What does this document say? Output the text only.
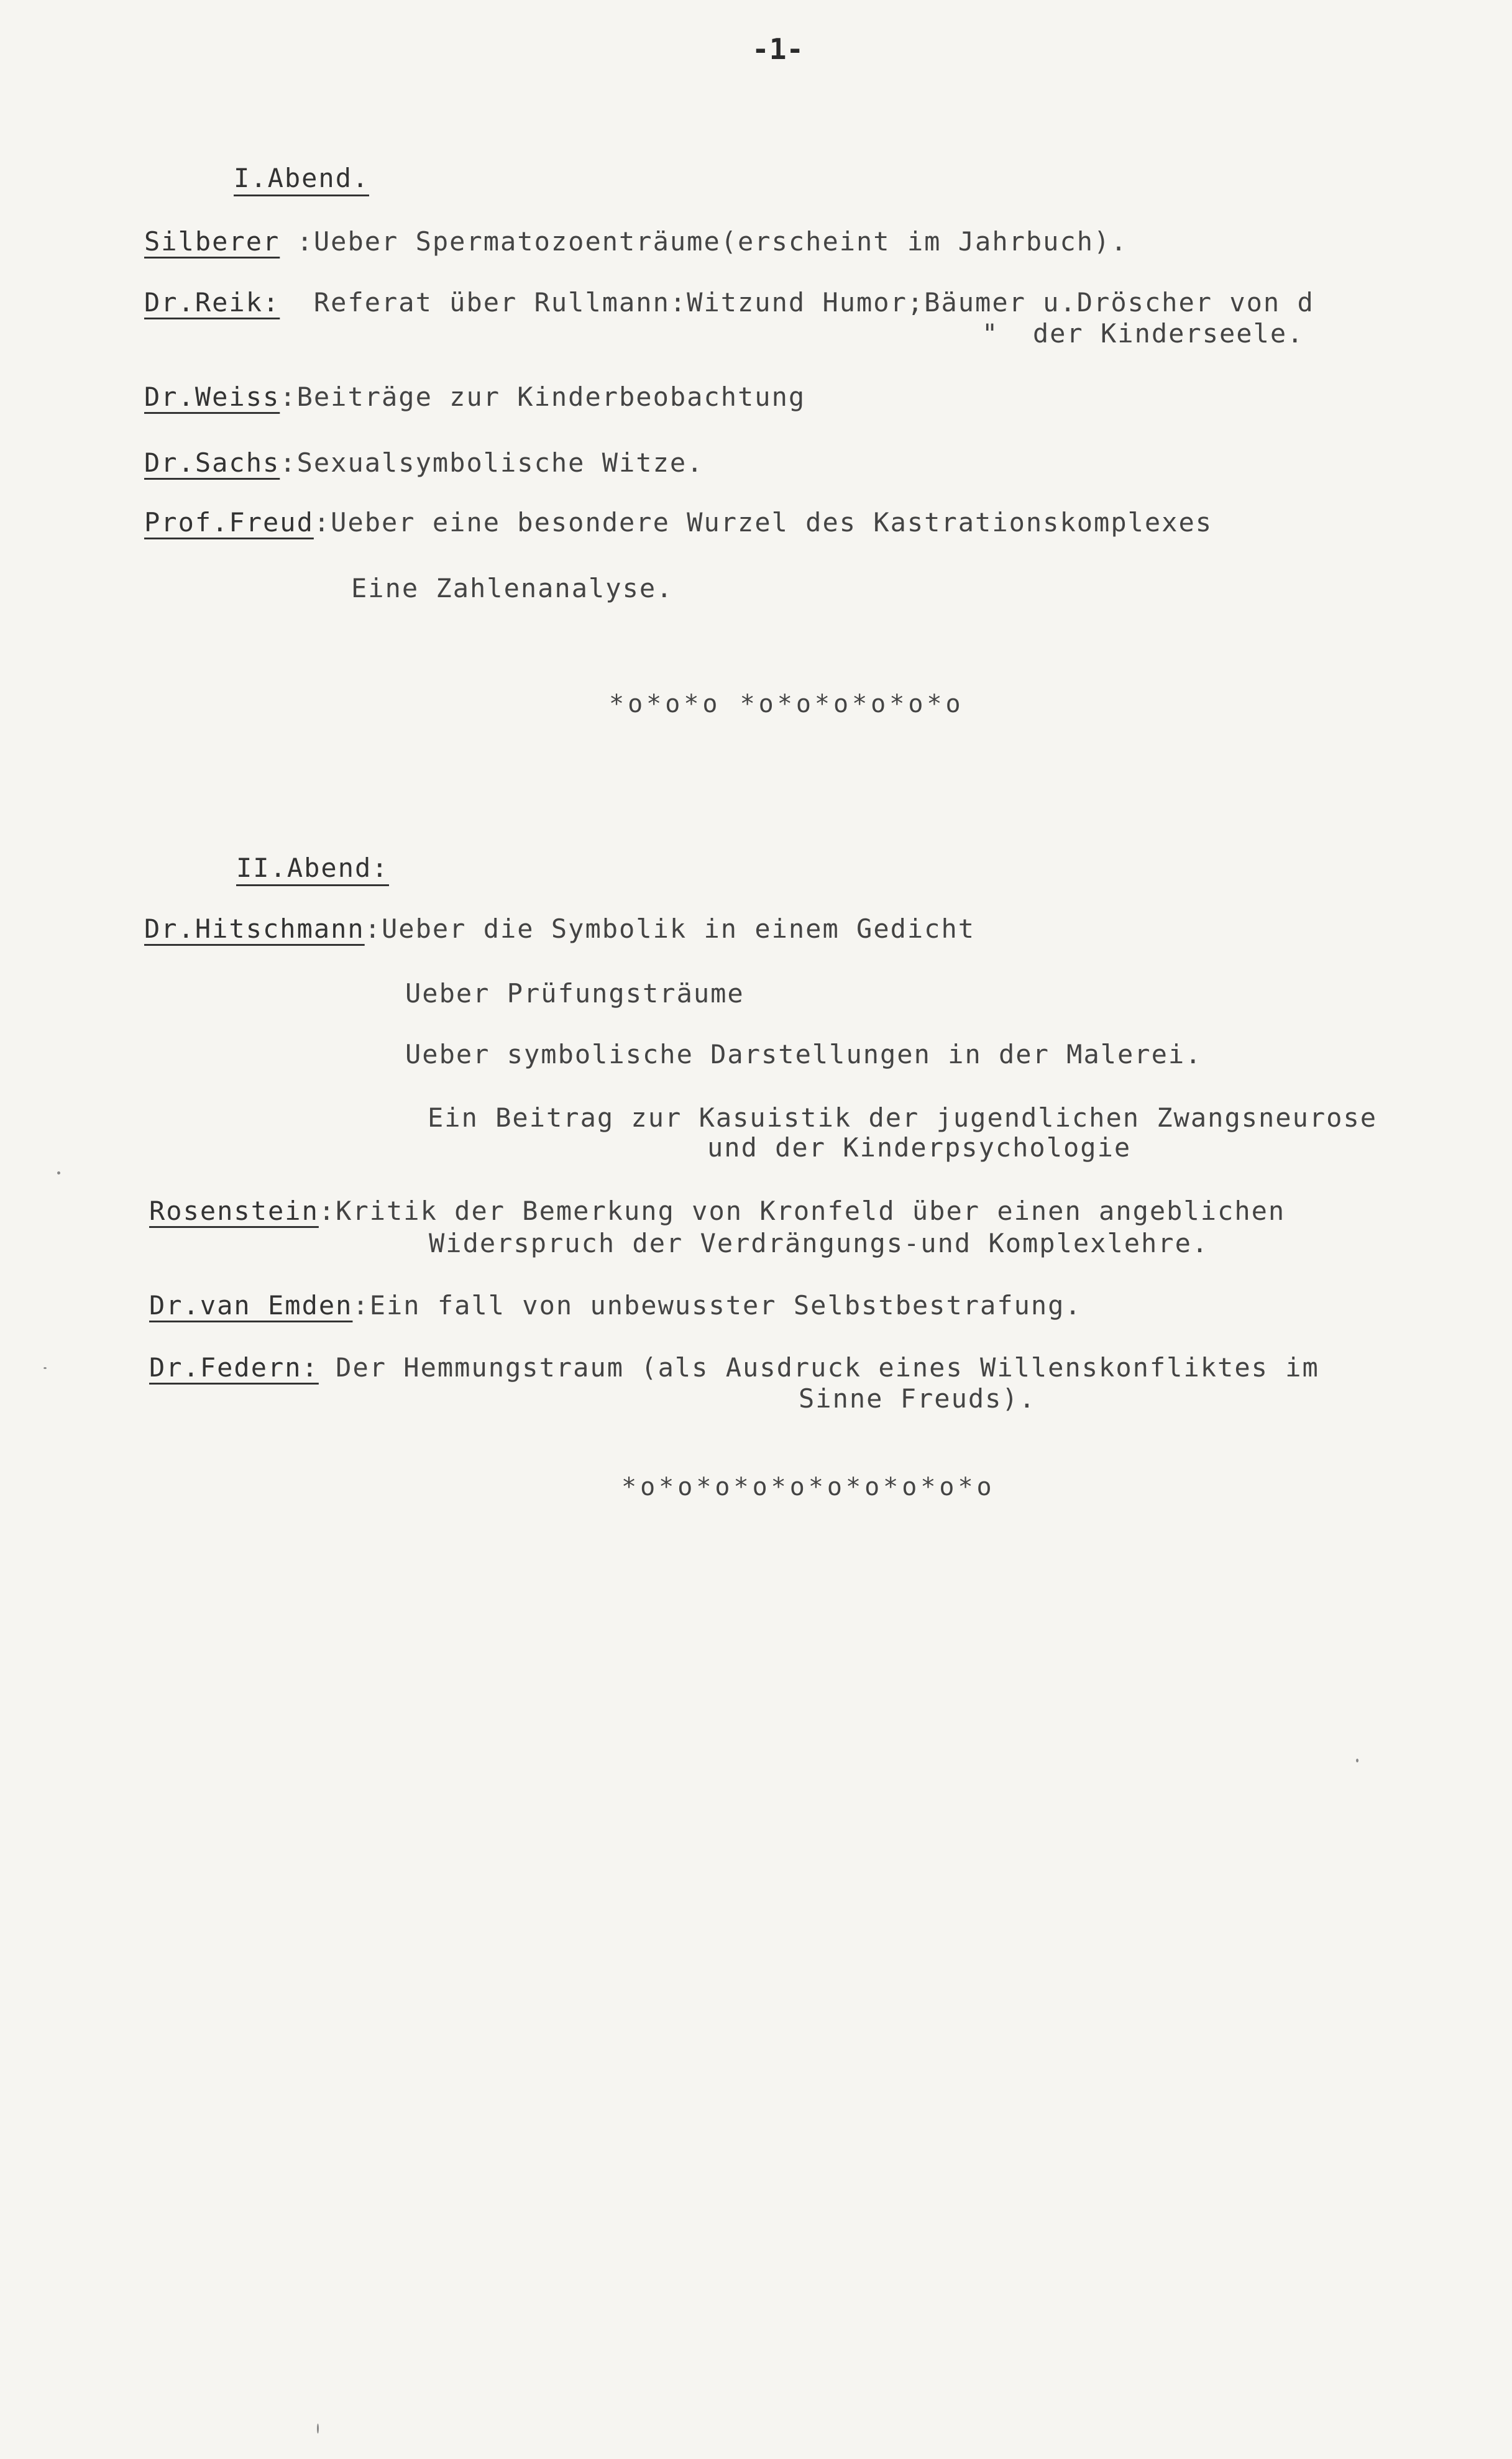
-1-
I.Abend.
Silberer :Ueber Spermatozoenträume(erscheint im Jahrbuch).
Dr.Reik:  Referat über Rullmann:Witzund Humor;Bäumer u.Dröscher von d
"  der Kinderseele.
Dr.Weiss:Beiträge zur Kinderbeobachtung
Dr.Sachs:Sexualsymbolische Witze.
Prof.Freud:Ueber eine besondere Wurzel des Kastrationskomplexes
Eine Zahlenanalyse.
*o*o*o *o*o*o*o*o*o
II.Abend:
Dr.Hitschmann:Ueber die Symbolik in einem Gedicht
Ueber Prüfungsträume
Ueber symbolische Darstellungen in der Malerei.
Ein Beitrag zur Kasuistik der jugendlichen Zwangsneurose
und der Kinderpsychologie
Rosenstein:Kritik der Bemerkung von Kronfeld über einen angeblichen
Widerspruch der Verdrängungs-und Komplexlehre.
Dr.van Emden:Ein fall von unbewusster Selbstbestrafung.
Dr.Federn: Der Hemmungstraum (als Ausdruck eines Willenskonfliktes im
Sinne Freuds).
*o*o*o*o*o*o*o*o*o*o
